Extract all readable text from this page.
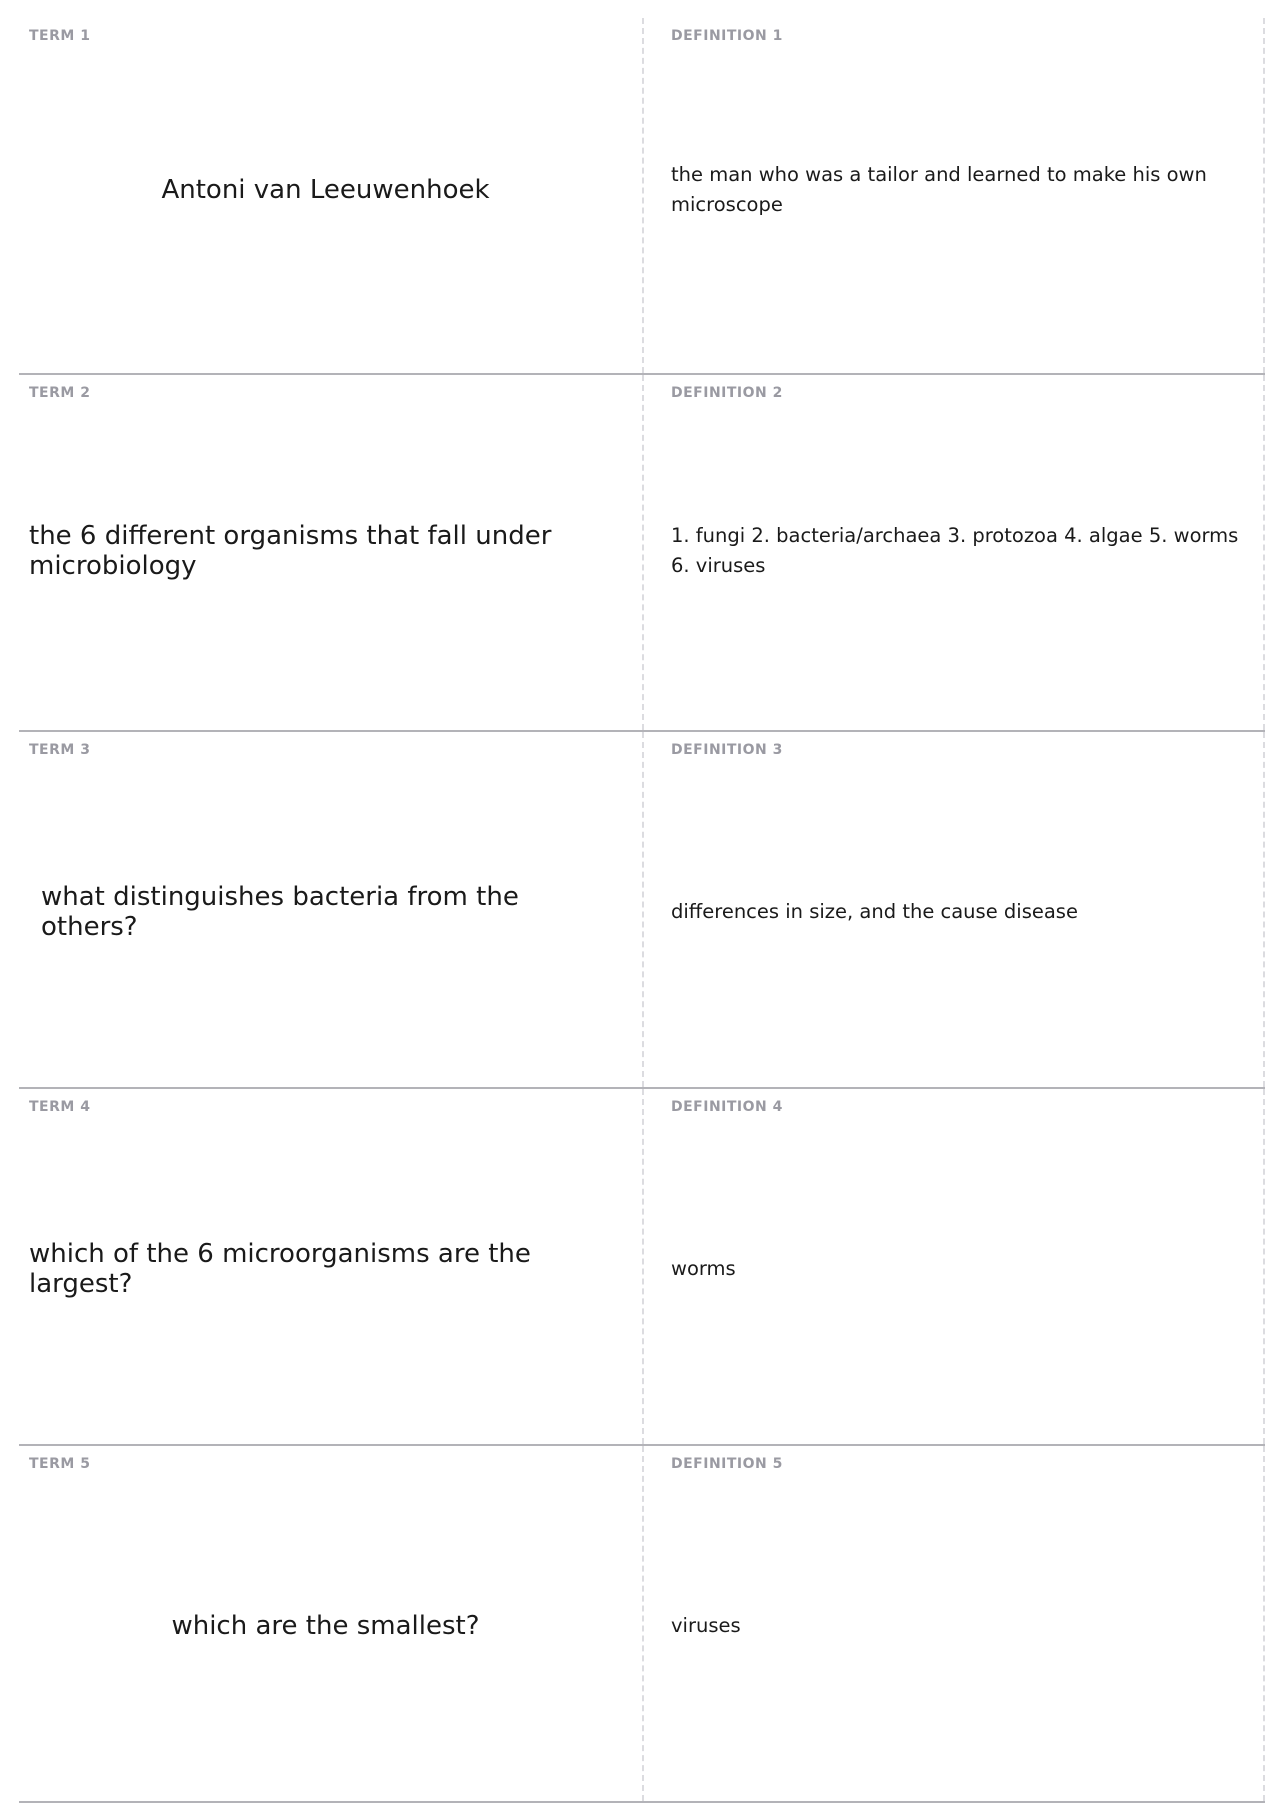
TERM 1
Antoni van Leeuwenhoek
DEFINITION 1
the man who was a tailor and learned to make his own microscope
TERM 2
the 6 different organisms that fall under microbiology
DEFINITION 2
1. fungi 2. bacteria/archaea 3. protozoa 4. algae 5. worms 6. viruses
TERM 3
what distinguishes bacteria from the others?
DEFINITION 3
differences in size, and the cause disease
TERM 4
which of the 6 microorganisms are the largest?
DEFINITION 4
worms
TERM 5
which are the smallest?
DEFINITION 5
viruses
